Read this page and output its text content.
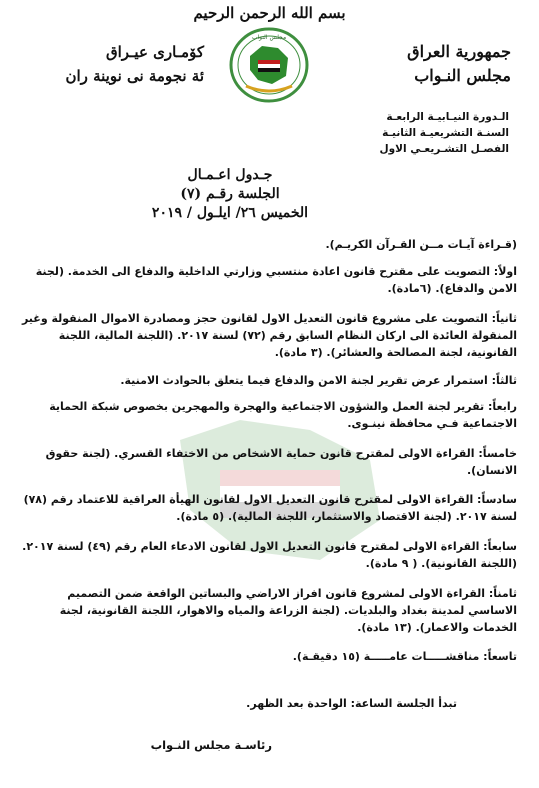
بسم الله الرحمن الرحيم
جمهورية العراق
مجلس النـواب
كۆمـارى عيـراق
ئة نجومة نى نوينة ران
مجلس النواب
الـدورة النيـابيـة الرابعـة
السنـة التشريعيـة الثانيـة
الفصـل التشـريعـي الاول
جـدول اعـمـال
الجلسة رقـم (٧)
الخميس ٢٦/ ايلـول / ٢٠١٩
(قـراءة آيـات مــن القـرآن الكريـم).
اولاً: التصويت على مقترح قانون اعادة منتسبي وزارتي الداخلية والدفاع الى الخدمة. (لجنة الامن والدفاع). (٦مادة).
ثانياً: التصويت على مشروع قانون التعديل الاول لقانون حجز ومصادرة الاموال المنقولة وغير المنقولة العائدة الى اركان النظام السابق رقم (٧٢) لسنة ٢٠١٧. (اللجنة المالية، اللجنة القانونية، لجنة المصالحة والعشائر). (٣ مادة).
ثالثاً: استمرار عرض تقرير لجنة الامن والدفاع فيما يتعلق بالحوادث الامنية.
رابعاً: تقرير لجنة العمل والشؤون الاجتماعية والهجرة والمهجرين بخصوص شبكة الحماية الاجتماعية فـي محافظة نينـوى.
خامساً: القراءة الاولى لمقترح قانون حماية الاشخاص من الاختفاء القسري. (لجنة حقوق الانسان).
سادساً: القراءة الاولى لمقترح قانون التعديل الاول لقانون الهيأة العراقية للاعتماد رقم (٧٨) لسنة ٢٠١٧. (لجنة الاقتصاد والاستثمار، اللجنة المالية). (٥ مادة).
سابعاً: القراءة الاولى لمقترح قانون التعديل الاول لقانون الادعاء العام رقم (٤٩) لسنة ٢٠١٧. (اللجنة القانونية). ( ٩ مادة).
ثامناً: القراءة الاولى لمشروع قانون افراز الاراضي والبساتين الواقعة ضمن التصميم الاساسي لمدينة بغداد والبلديات. (لجنة الزراعة والمياه والاهوار، اللجنة القانونية، لجنة الخدمات والاعمار). (١٣ مادة).
تاسعاً: مناقشـــــات عامـــــة (١٥ دقيقـة).
تبدأ الجلسة الساعة: الواحدة بعد الظهر.
رئاسـة مجلس النـواب
